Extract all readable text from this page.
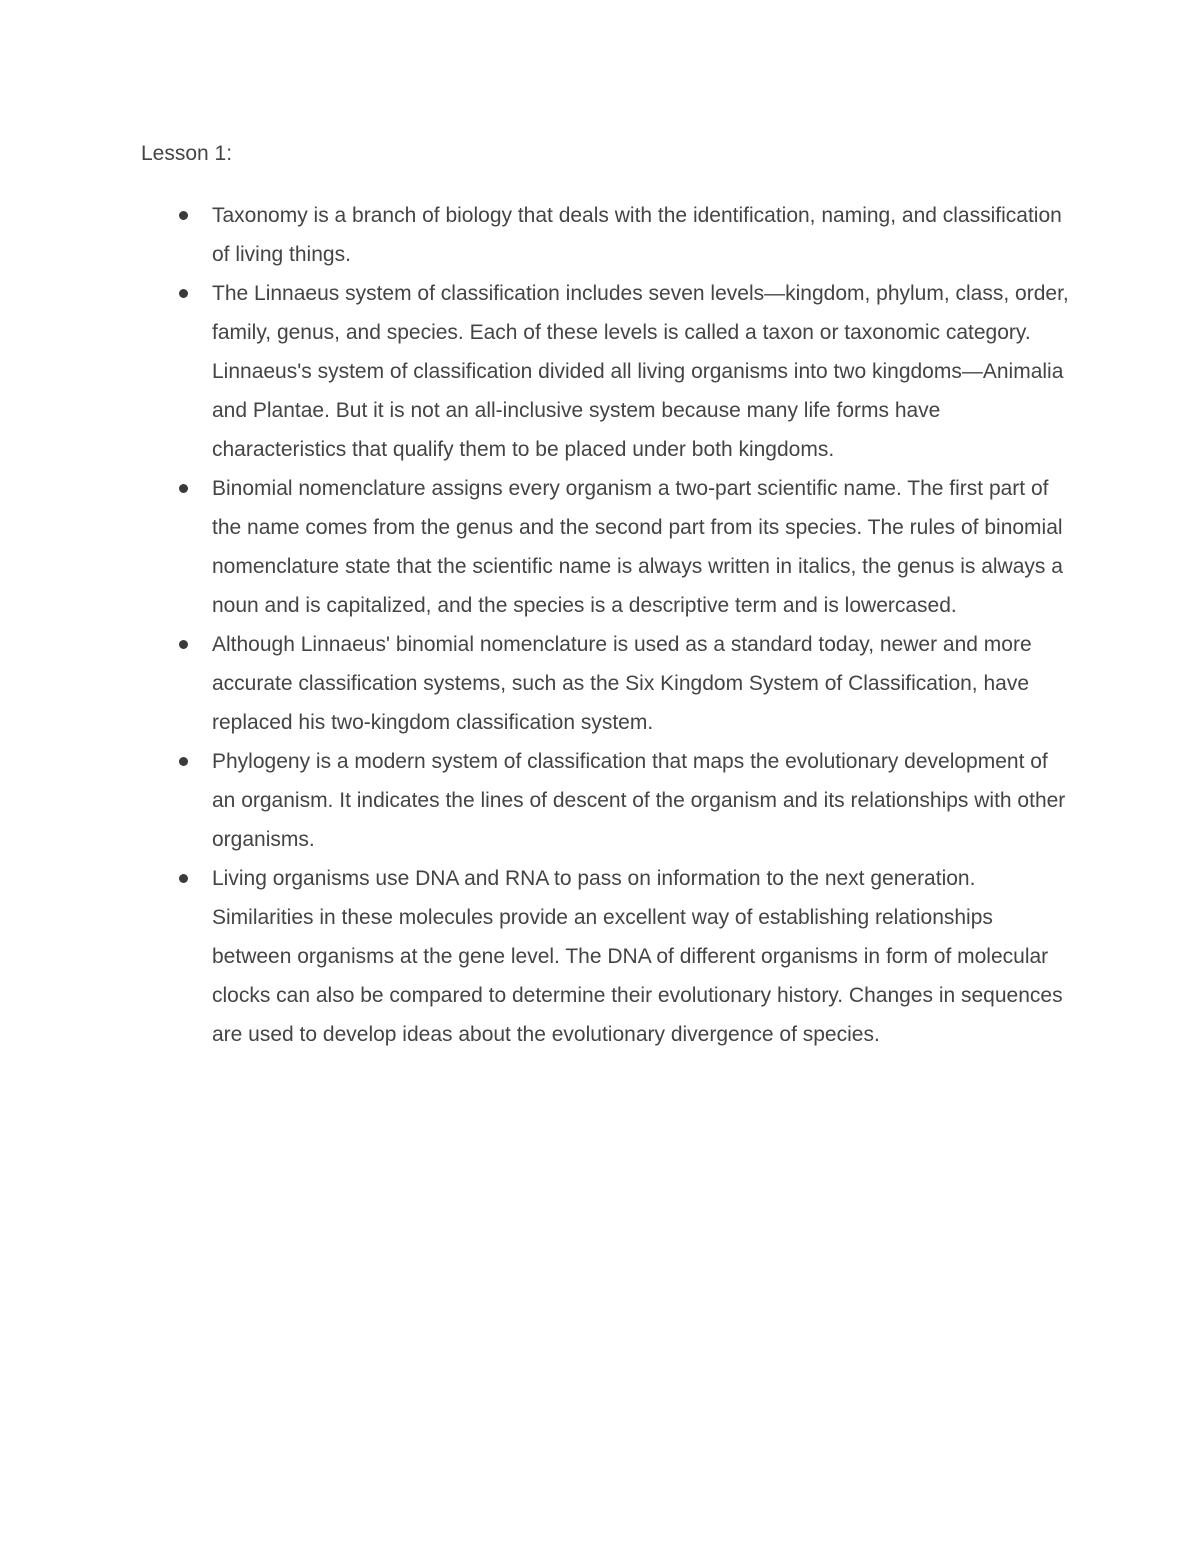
Lesson 1:
Taxonomy is a branch of biology that deals with the identification, naming, and classification of living things.
The Linnaeus system of classification includes seven levels—kingdom, phylum, class, order, family, genus, and species. Each of these levels is called a taxon or taxonomic category. Linnaeus's system of classification divided all living organisms into two kingdoms—Animalia and Plantae. But it is not an all-inclusive system because many life forms have characteristics that qualify them to be placed under both kingdoms.
Binomial nomenclature assigns every organism a two-part scientific name. The first part of the name comes from the genus and the second part from its species. The rules of binomial nomenclature state that the scientific name is always written in italics, the genus is always a noun and is capitalized, and the species is a descriptive term and is lowercased.
Although Linnaeus' binomial nomenclature is used as a standard today, newer and more accurate classification systems, such as the Six Kingdom System of Classification, have replaced his two-kingdom classification system.
Phylogeny is a modern system of classification that maps the evolutionary development of an organism. It indicates the lines of descent of the organism and its relationships with other organisms.
Living organisms use DNA and RNA to pass on information to the next generation. Similarities in these molecules provide an excellent way of establishing relationships between organisms at the gene level. The DNA of different organisms in form of molecular clocks can also be compared to determine their evolutionary history. Changes in sequences are used to develop ideas about the evolutionary divergence of species.
